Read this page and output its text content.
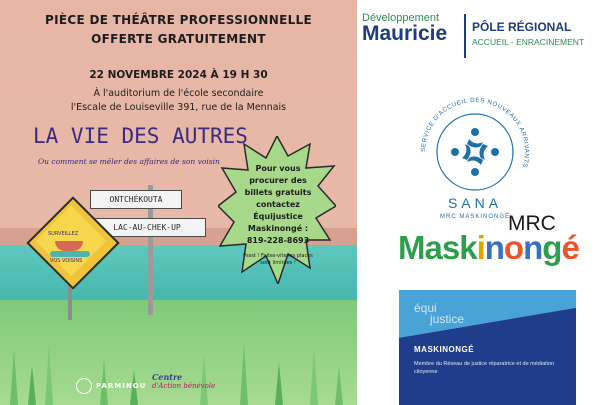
PIÈCE DE THÉÂTRE PROFESSIONNELLE
OFFERTE GRATUITEMENT
22 NOVEMBRE 2024 À 19 H 30
À l'auditorium de l'école secondaire
l'Escale de Louiseville 391, rue de la Mennais
LA VIE DES AUTRES
Ou comment se mêler des affaires de son voisin
ONTCHÉKOUTA
LAC-AU-CHEK-UP
SURVEILLEZ
VOS VOISINS
Pour vous
procurer des
billets gratuits
contactez
Équijustice
Maskinongé :
819-228-8693
Pssst ! Faites-vite les places sont limitées !
PARMINOU
Centre
d'Action bénévole
Développement
Mauricie PÔLE RÉGIONAL
ACCUEIL - ENRACINEMENT
SERVICE D'ACCUEIL DES NOUVEAUX ARRIVANTS
SANA
MRC MASKINONGÉ
MRC
Maskinongé
équi
justice
MASKINONGÉ
Membre du Réseau de justice réparatrice et de médiation citoyenne
